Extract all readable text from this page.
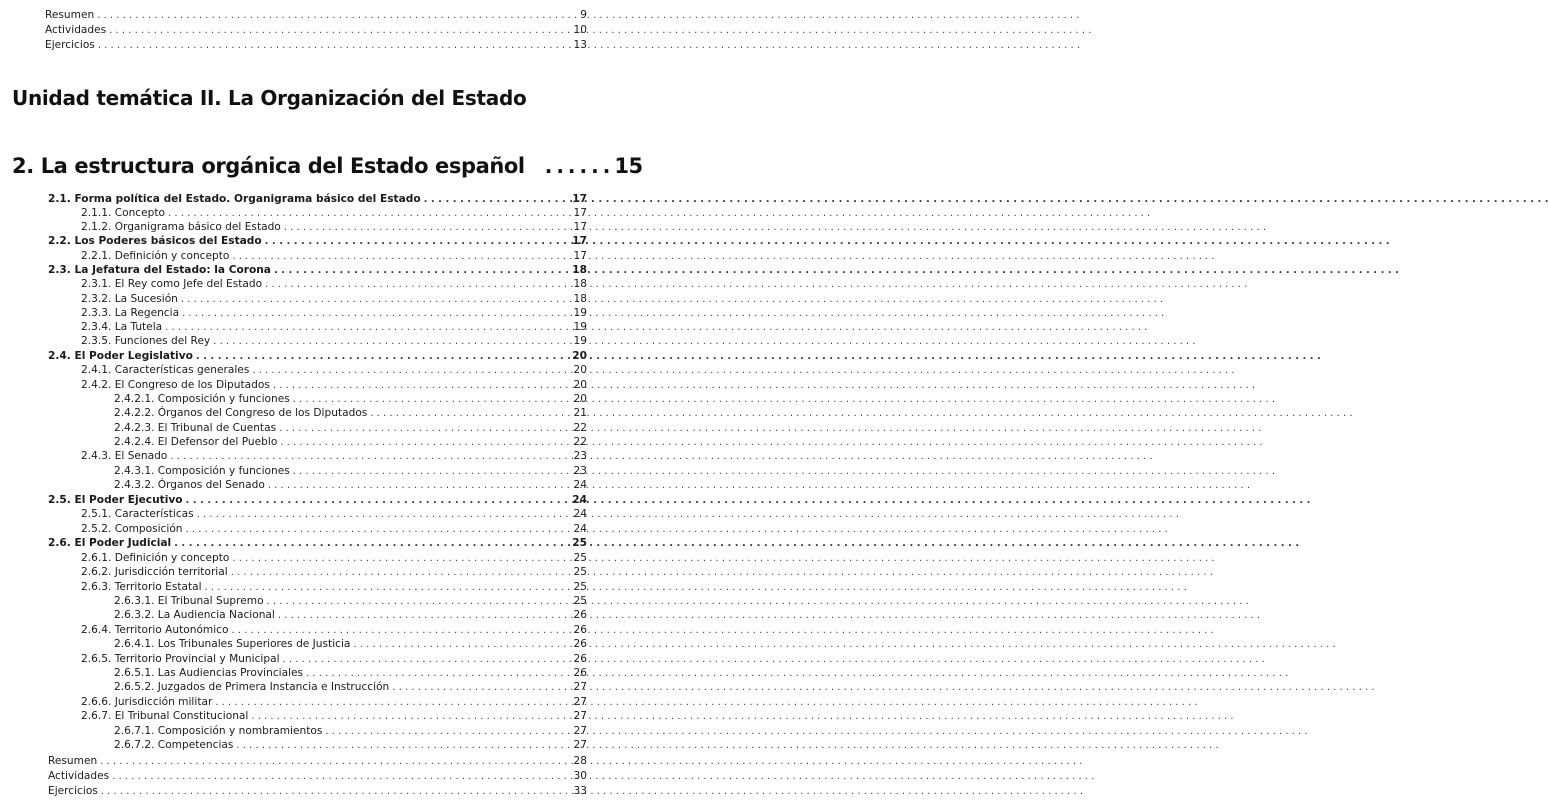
Resumen . . .	9
Actividades . . .	10
Ejercicios . . .	13
Unidad temática II. La Organización del Estado
2. La estructura orgánica del Estado español ...... 15
2.1. Forma política del Estado. Organigrama básico del Estado . . .	17
2.1.1. Concepto . . .	17
2.1.2. Organigrama básico del Estado . . .	17
2.2. Los Poderes básicos del Estado . . .	17
2.2.1. Definición y concepto . . .	17
2.3. La Jefatura del Estado: la Corona . . .	18
2.3.1. El Rey como Jefe del Estado . . .	18
2.3.2. La Sucesión . . .	18
2.3.3. La Regencia . . .	19
2.3.4. La Tutela . . .	19
2.3.5. Funciones del Rey . . .	19
2.4. El Poder Legislativo . . .	20
2.4.1. Características generales . . .	20
2.4.2. El Congreso de los Diputados . . .	20
2.4.2.1. Composición y funciones . . .	20
2.4.2.2. Órganos del Congreso de los Diputados . . .	21
2.4.2.3. El Tribunal de Cuentas . . .	22
2.4.2.4. El Defensor del Pueblo . . .	22
2.4.3. El Senado . . .	23
2.4.3.1. Composición y funciones . . .	23
2.4.3.2. Órganos del Senado . . .	24
2.5. El Poder Ejecutivo . . .	24
2.5.1. Características . . .	24
2.5.2. Composición . . .	24
2.6. El Poder Judicial . . .	25
2.6.1. Definición y concepto . . .	25
2.6.2. Jurisdicción territorial . . .	25
2.6.3. Territorio Estatal . . .	25
2.6.3.1. El Tribunal Supremo . . .	25
2.6.3.2. La Audiencia Nacional . . .	26
2.6.4. Territorio Autonómico . . .	26
2.6.4.1. Los Tribunales Superiores de Justicia . . .	26
2.6.5. Territorio Provincial y Municipal . . .	26
2.6.5.1. Las Audiencias Provinciales . . .	26
2.6.5.2. Juzgados de Primera Instancia e Instrucción . . .	27
2.6.6. Jurisdicción militar . . .	27
2.6.7. El Tribunal Constitucional . . .	27
2.6.7.1. Composición y nombramientos . . .	27
2.6.7.2. Competencias . . .	27
Resumen . . .	28
Actividades . . .	30
Ejercicios . . .	33
